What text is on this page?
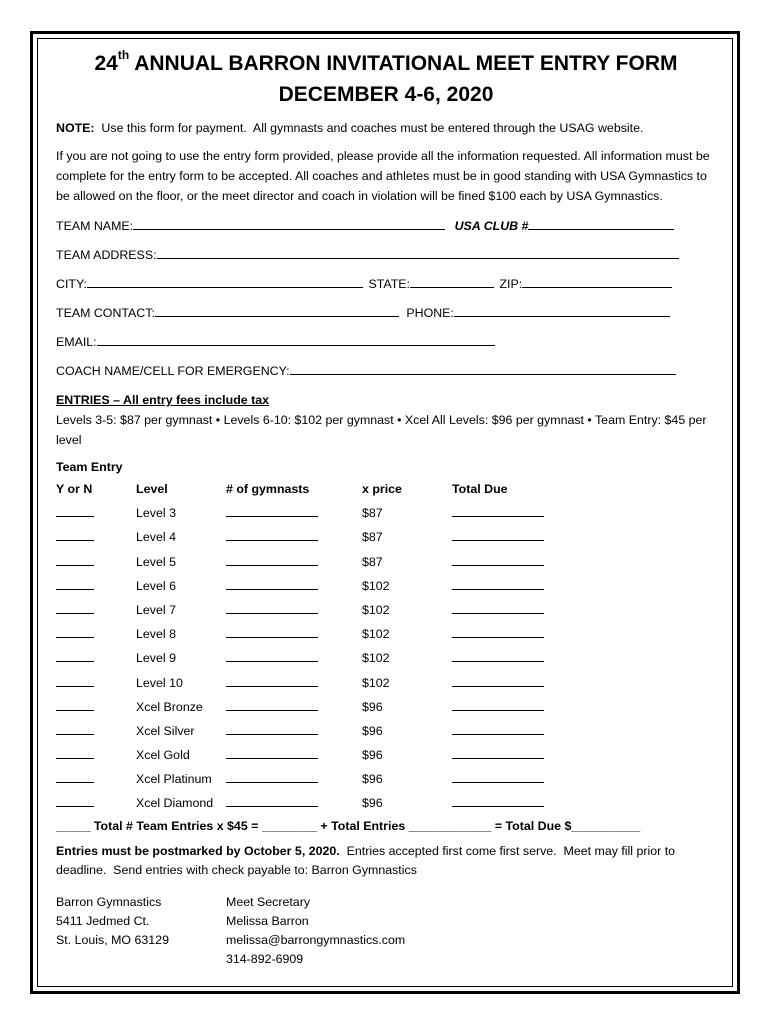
24th ANNUAL BARRON INVITATIONAL MEET ENTRY FORM
DECEMBER 4-6, 2020

NOTE:  Use this form for payment.  All gymnasts and coaches must be entered through the USAG website.

If you are not going to use the entry form provided, please provide all the information requested. All information must be complete for the entry form to be accepted. All coaches and athletes must be in good standing with USA Gymnastics to be allowed on the floor, or the meet director and coach in violation will be fined $100 each by USA Gymnastics.

TEAM NAME:	USA CLUB #
TEAM ADDRESS:
CITY:	STATE:	ZIP:
TEAM CONTACT:	PHONE:
EMAIL:
COACH NAME/CELL FOR EMERGENCY:
ENTRIES – All entry fees include tax

Levels 3-5: $87 per gymnast • Levels 6-10: $102 per gymnast • Xcel All Levels: $96 per gymnast • Team Entry: $45 per level

Team Entry
Y or N	Level	# of gymnasts	x price	Total Due
	Level 3		$87	
	Level 4		$87	
	Level 5		$87	
	Level 6		$102	
	Level 7		$102	
	Level 8		$102	
	Level 9		$102	
	Level 10		$102	
	Xcel Bronze		$96	
	Xcel Silver		$96	
	Xcel Gold		$96	
	Xcel Platinum		$96	
	Xcel Diamond		$96	
_____ Total # Team Entries x $45 = ________ + Total Entries ____________ = Total Due $__________

Entries must be postmarked by October 5, 2020.  Entries accepted first come first serve.  Meet may fill prior to deadline.  Send entries with check payable to: Barron Gymnastics

Barron Gymnastics	Meet Secretary
5411 Jedmed Ct.	Melissa Barron
St. Louis, MO 63129	melissa@barrongymnastics.com
314-892-6909
